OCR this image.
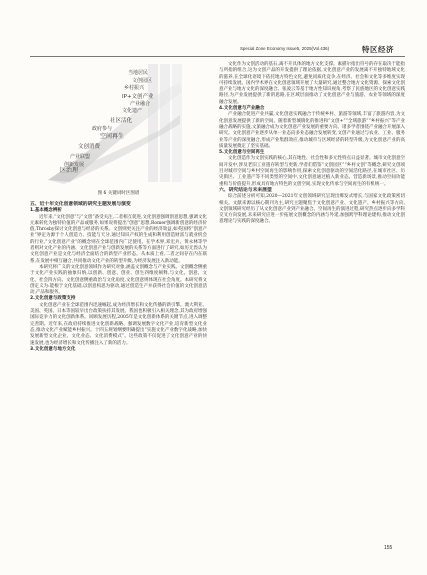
Special Zone Economy Issue5, 2025(Vol.436)	特区经济
区治理
当地居民
文创园区
乡村振兴
IP+文创产业
产业融合
文化遗产
社区活化
政府参与
空间再生
文创消费
产业联盟
创新发展
图 6 关键词时区图谱

五、近十年文化创意领域的研究主题发展与演变

1.基本概念辨析

近年来,“文化创意”与“文创”备受关注,二者相互促进,文化创意强调创意思想,强调文化元素转化为独特价值的产品或服务,如果说将提出“创意”思想,Romer强调新创意的经济价值,Throsby探讨文化创意与经济的关系。文创则更关注产业的经济效益,如英国将“创意产业”界定为源于个人创造力、技能与天分,通过知识产权的生成和利用创造财富与就业机会的行业,“文化创意产业”的概念则在全球范围内广泛使用。在学术界,邓宏兵、黄永林等学者则对文化产业的内涵、文化创意产业与创新发展的关系等方面进行了研究,如厉无畏认为文化创意产业是文化与经济全面结合的新型产业形态。从本质上看,二者之间存在内在联系,在发展中相互融合,共同推动文化产业的转型升级,为经济发展注入新动能。

本研究将广义的文化创意领域作为研究对象,涵盖文创概念与产业实践。文创概念侧重于文化产业实践的抽象归纳,以创新、创意、创业、创生四维度阐释,与文化、创意、文化、社会四方向。文化创意侧重政治与文化角度,文化创意则体现在社会角度。本研究将文创定义为:能根于文化基础,以创意构思为驱动,通过创造生产并获得社会价值的文化创意活动,产品和服务。

2.文化创意与政策支持

文化创意产业在全球范围内迅速崛起,成为经济增长和文化传播的新引擎。澳大利亚、美国、英国、日本等国较早出台政策扶持其发展。我国也积极引入相关理念,其为政府增强国际竞争力的文化创新体系。回顾发展历程,2005年是文化创新体系的关键节点,进入调整完善期。近年来,在政府持续推进文化创新战略、强调发展数字文化产业,培育新型文化业态,推动文化产业赋能乡村振兴。十四五规划纲要明确提出“实施文化产业数字化战略,加快发展新型文化企业、文化业态、文化消费模式”。这些政策不仅促进了文化创意产业的快速发展,也为经济增长和文化传播注入了新的活力。

3.文化创意与地方文化

文化作为文创活动的基石,离不开具体的地方文化支撑。素描尔指出符号的存在取决于能指与所指的组合,这为文创产品的开发提供了理论依据,文化创意产业的发展离不开独特地域文化的滋养,在全球化语境下依托地方特色文化,避免同质化竞争,在经济、社会和文化等多维度实现可持续发展。国内学术界在文化创意领域开展了大量研究,通过整合地方文化资源、探索文化创意产业与地方文化的深度融合。张凌云等基于地方性知识视角,考察了民族地区的文化创意实践路径,为产业发展提供了新的思路,在区域层面推动了文化创意产业与旅游、农业等领域的深度融合发展。

4.文化创意与产业融合

产业融合促进产业共赢,文化创意实践融合于传统乡村、旅游等领域,丰富了旅游内容,为文化创意发展提供了新的空间。随着新型城镇化的推进和“文创+”“全域旅游”“乡村振兴”等产业融合战略的实施,文旅融合成为文化创意产业发展的重要方向。诸多学者围绕产业融合开展深入研究。文化创意产业逐步从单一业态向多业态融合发展转变,文创产业通过与农业、工业、服务业等产业的深度融合,形成产业集群效应,推动城市与区域经济的转型升级,为文化创意产业的高质量发展奠定了坚实基础。

5.文化创意与空间再生

文化创造作为文创实践的核心,其在地性、社会性和多元性特点日益显著。城市文化创意空间开发中,涉及老旧工业遗存转型与更新,学者们借鉴“文创园区”“乡村文创”等概念,研究文创项目对城市空间与乡村空间再生的影响作用,探索文化创意驱动的空间活化路径,在城市社区、历史街区、工业遗产等不同类型的空间中,文化创意通过植入新业态、营造新场景,推动空间功能重构与价值提升,形成具有地方特色的文创空间,实现文化传承与空间再生的有机统一。

六、研究结论与未来展望

综合前述分析可知,2020—2021年文创领域研究呈现出爆发式增长,与国家文化政策密切相关。文献来源以核心期刊为主,研究主题聚焦于文化创意产业、文化遗产、乡村振兴等方向,文创领域研究经历了从文化创意产业到产业融合、空间再生的演进过程,研究热点逐步向多学科交叉方向发展,未来研究应进一步拓展文创概念的内涵与外延,加强跨学科理论建构,推动文化创意理论与实践的深度融合。

155
